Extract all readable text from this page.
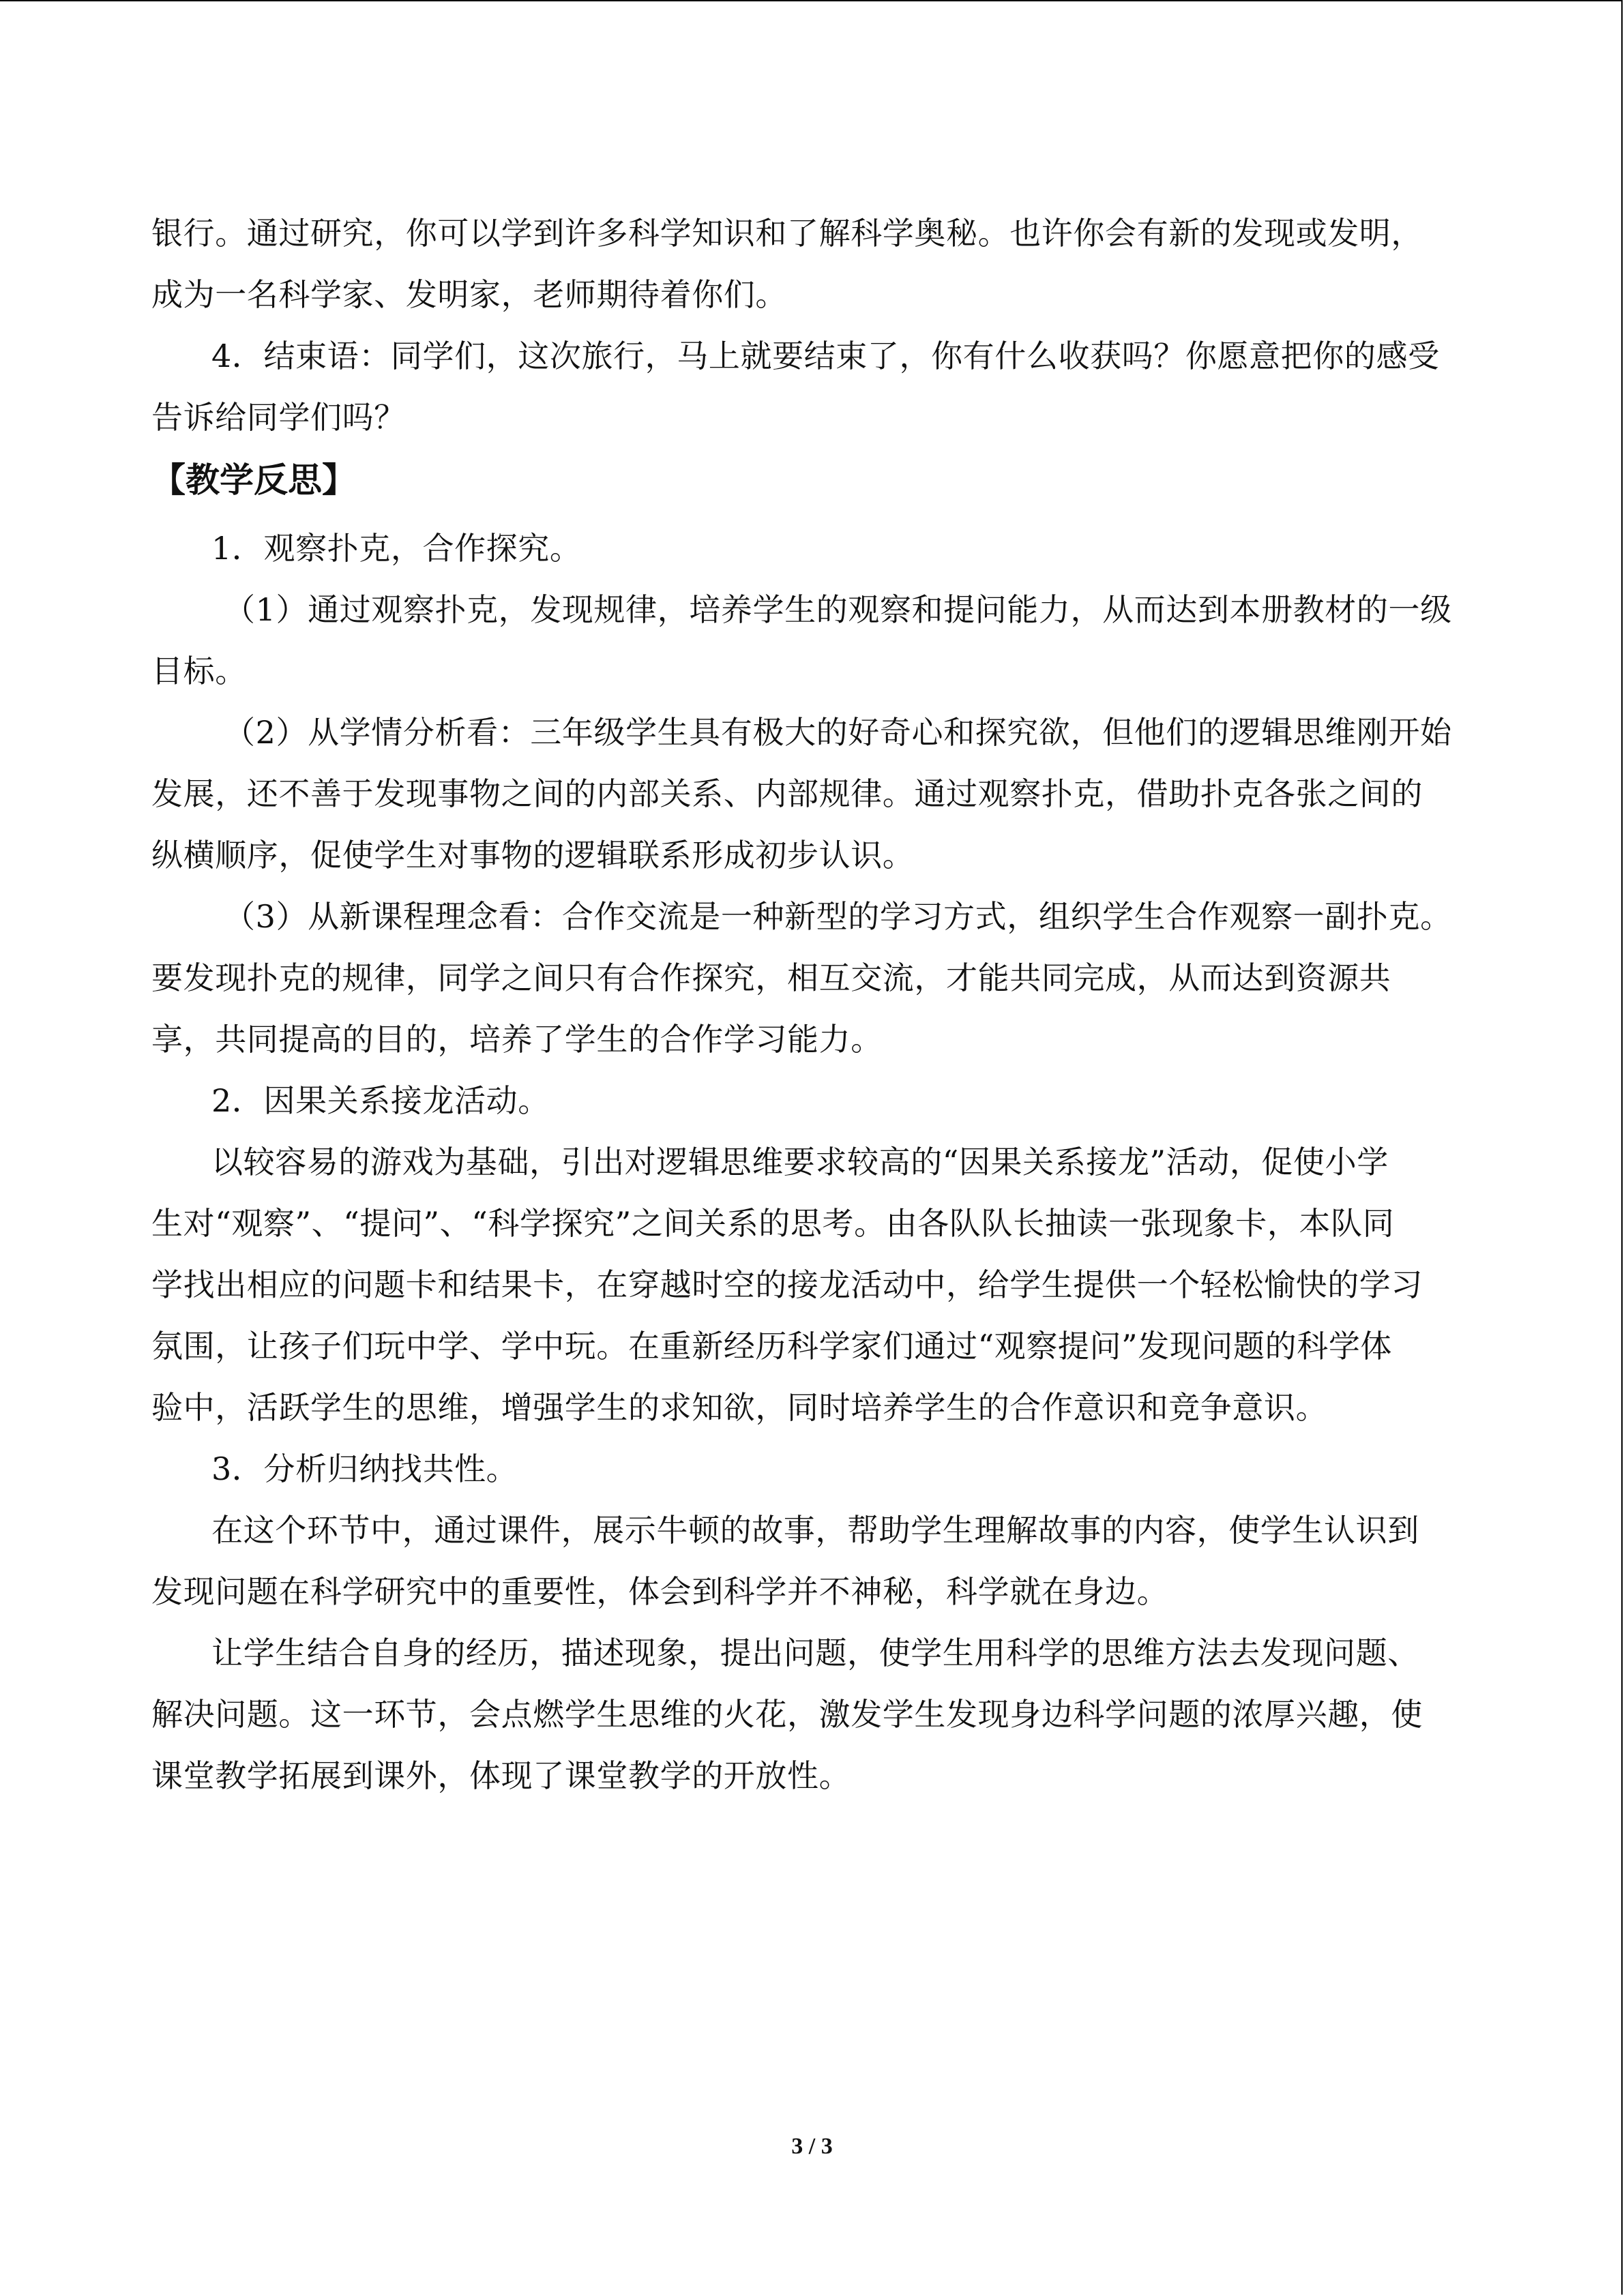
银行。通过研究，你可以学到许多科学知识和了解科学奥秘。也许你会有新的发现或发明，
成为一名科学家、发明家，老师期待着你们。
4．结束语：同学们，这次旅行，马上就要结束了，你有什么收获吗？你愿意把你的感受
告诉给同学们吗？
【教学反思】
1．观察扑克，合作探究。
（1）通过观察扑克，发现规律，培养学生的观察和提问能力，从而达到本册教材的一级
目标。
（2）从学情分析看：三年级学生具有极大的好奇心和探究欲，但他们的逻辑思维刚开始
发展，还不善于发现事物之间的内部关系、内部规律。通过观察扑克，借助扑克各张之间的
纵横顺序，促使学生对事物的逻辑联系形成初步认识。
（3）从新课程理念看：合作交流是一种新型的学习方式，组织学生合作观察一副扑克。
要发现扑克的规律，同学之间只有合作探究，相互交流，才能共同完成，从而达到资源共
享，共同提高的目的，培养了学生的合作学习能力。
2．因果关系接龙活动。
以较容易的游戏为基础，引出对逻辑思维要求较高的“因果关系接龙”活动，促使小学
生对“观察”、“提问”、“科学探究”之间关系的思考。由各队队长抽读一张现象卡，本队同
学找出相应的问题卡和结果卡，在穿越时空的接龙活动中，给学生提供一个轻松愉快的学习
氛围，让孩子们玩中学、学中玩。在重新经历科学家们通过“观察提问”发现问题的科学体
验中，活跃学生的思维，增强学生的求知欲，同时培养学生的合作意识和竞争意识。
3．分析归纳找共性。
在这个环节中，通过课件，展示牛顿的故事，帮助学生理解故事的内容，使学生认识到
发现问题在科学研究中的重要性，体会到科学并不神秘，科学就在身边。
让学生结合自身的经历，描述现象，提出问题，使学生用科学的思维方法去发现问题、
解决问题。这一环节，会点燃学生思维的火花，激发学生发现身边科学问题的浓厚兴趣，使
课堂教学拓展到课外，体现了课堂教学的开放性。
3 / 3
